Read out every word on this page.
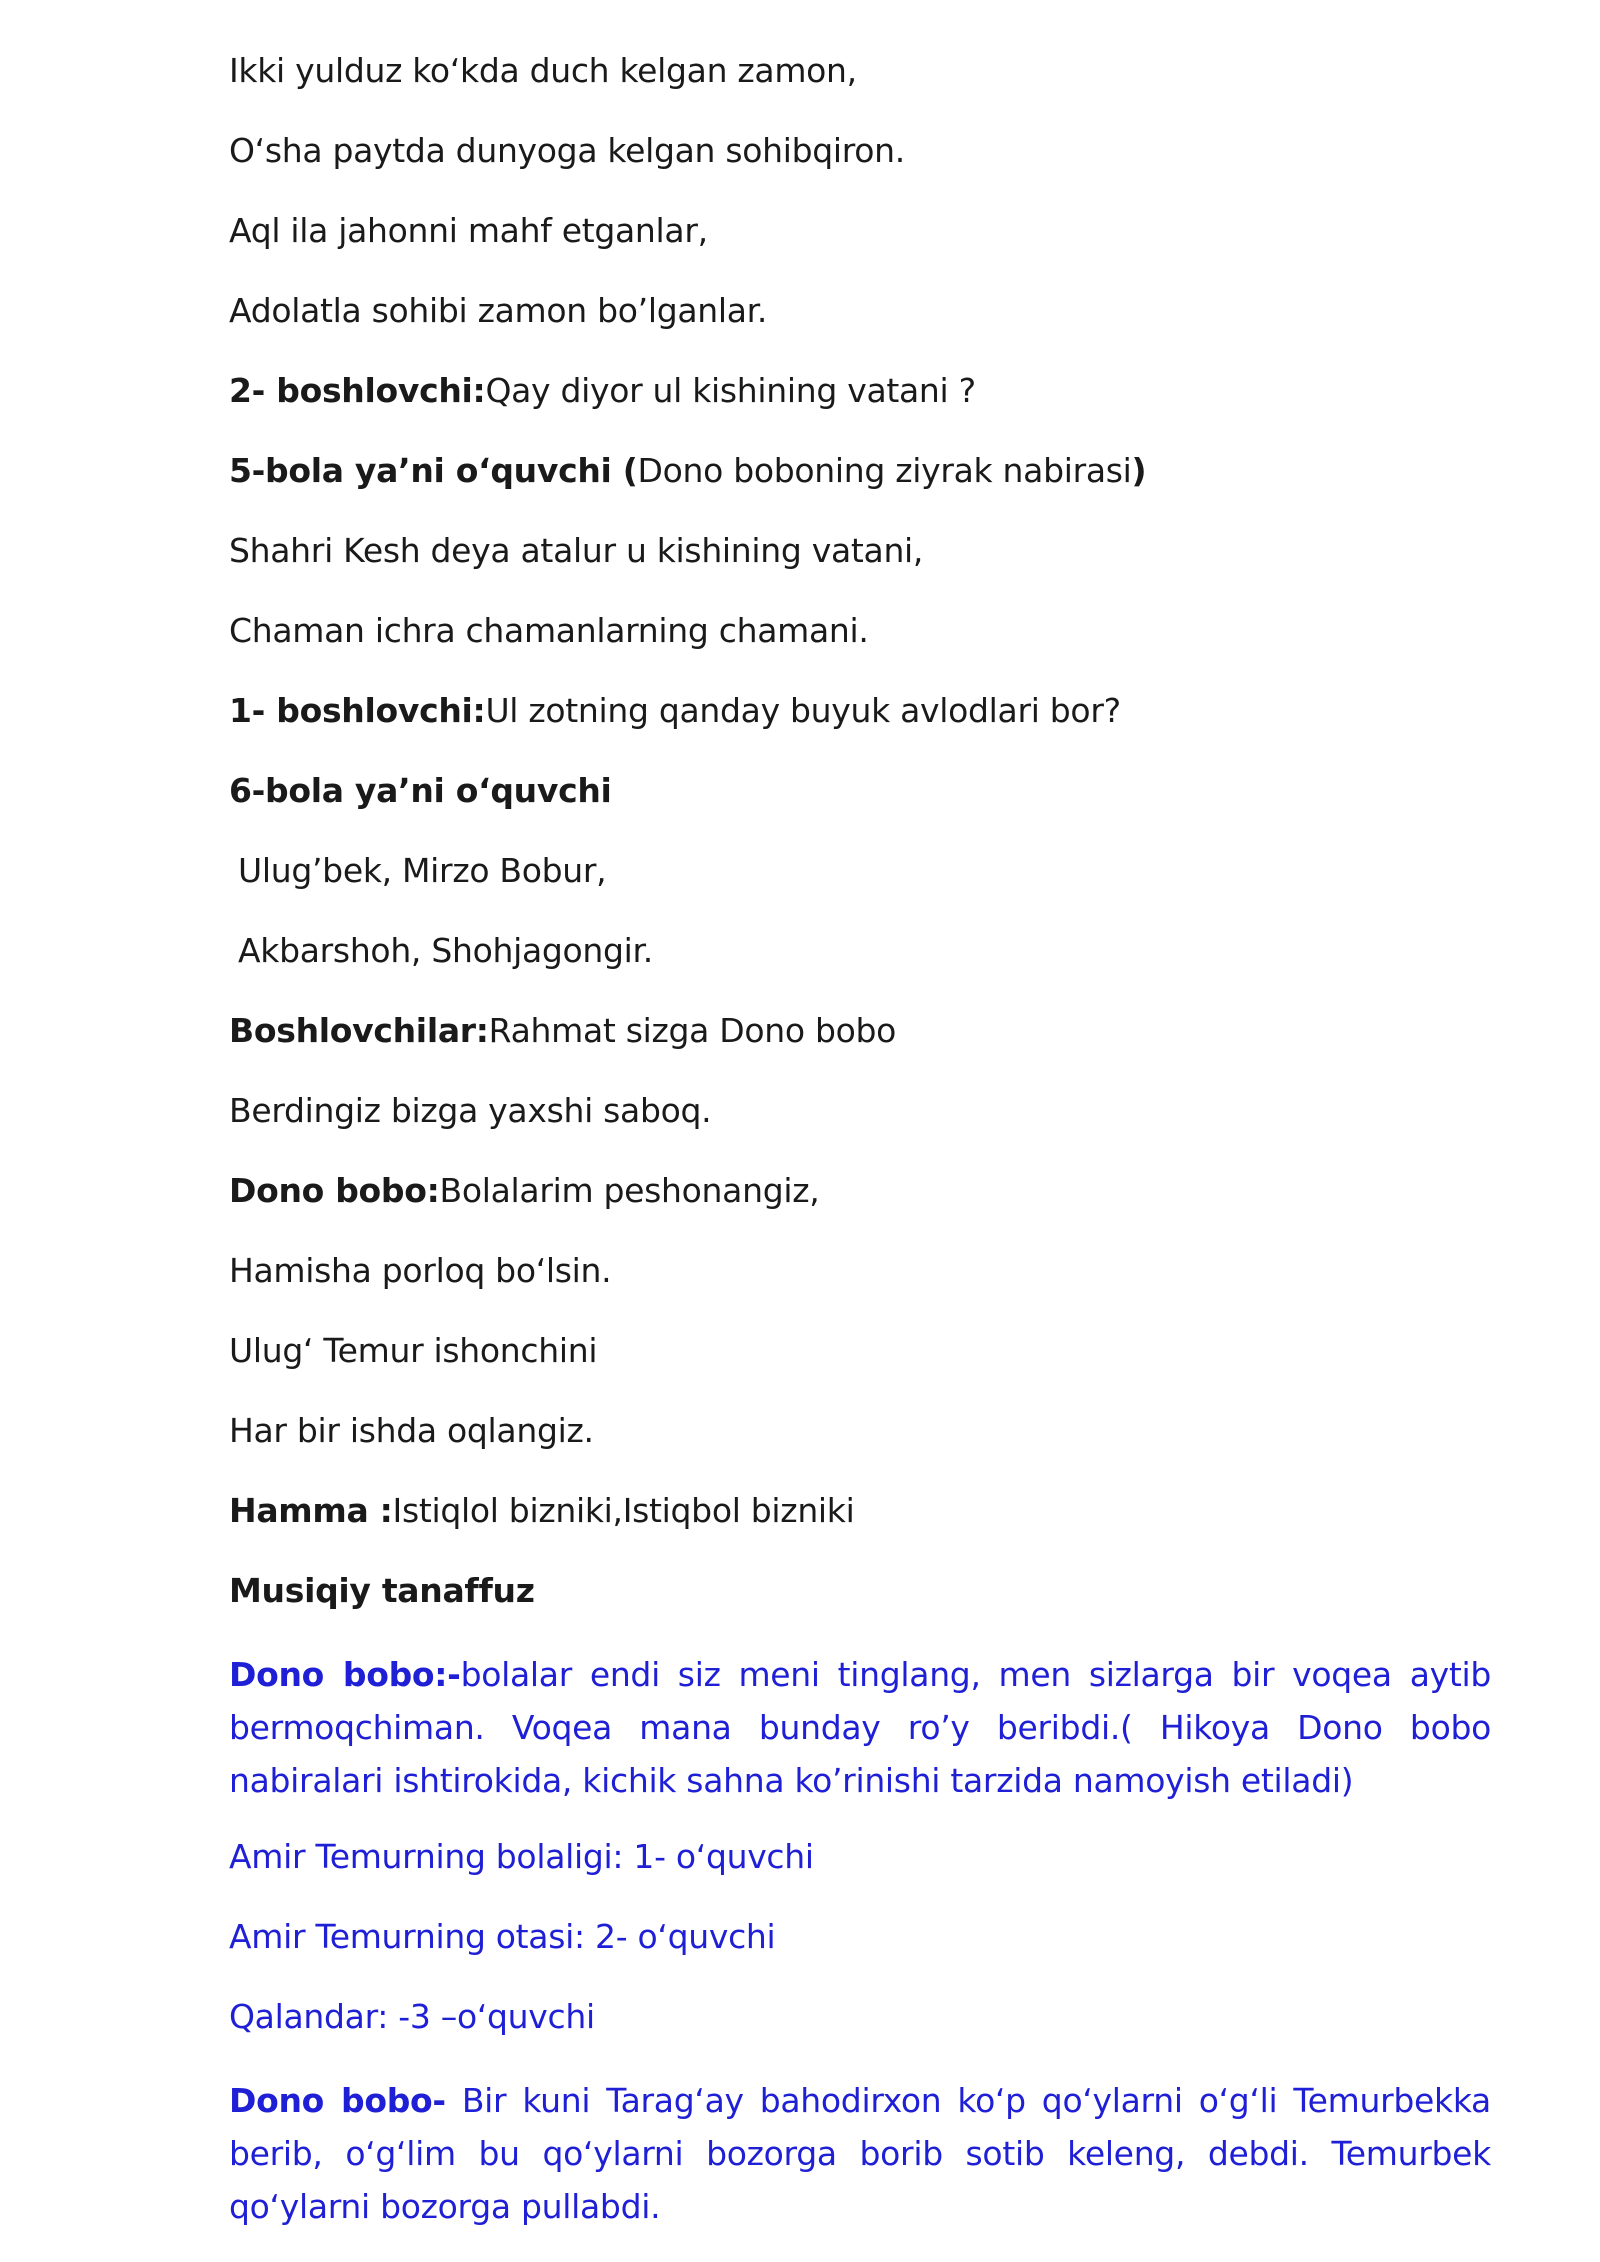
Ikki yulduz koʻkda duch kelgan zamon,
Oʻsha paytda dunyoga kelgan sohibqiron.
Aql ila jahonni mahf etganlar,
Adolatla sohibi zamon bo’lganlar.
2- boshlovchi:Qay diyor ul kishining vatani ?
5-bola ya’ni oʻquvchi (Dono boboning ziyrak nabirasi)
Shahri Kesh deya atalur u kishining vatani,
Chaman ichra chamanlarning chamani.
1- boshlovchi:Ul zotning qanday buyuk avlodlari bor?
6-bola ya’ni oʻquvchi
Ulug’bek, Mirzo Bobur,
Akbarshoh, Shohjagongir.
Boshlovchilar:Rahmat sizga Dono bobo
Berdingiz bizga yaxshi saboq.
Dono bobo:Bolalarim peshonangiz,
Hamisha porloq boʻlsin.
Ulugʻ Temur ishonchini
Har bir ishda oqlangiz.
Hamma :Istiqlol bizniki,Istiqbol bizniki
Musiqiy tanaffuz
Dono bobo:-bolalar endi siz meni tinglang, men sizlarga bir voqea aytib bermoqchiman. Voqea mana bunday ro’y beribdi.( Hikoya Dono bobo nabiralari ishtirokida, kichik sahna ko’rinishi tarzida namoyish etiladi)
Amir Temurning bolaligi: 1- oʻquvchi
Amir Temurning otasi: 2- oʻquvchi
Qalandar: -3 –oʻquvchi
Dono bobo- Bir kuni Taragʻay bahodirxon koʻp qoʻylarni oʻgʻli Temurbekka berib, oʻgʻlim bu qoʻylarni bozorga borib sotib keleng, debdi. Temurbek qoʻylarni bozorga pullabdi.
